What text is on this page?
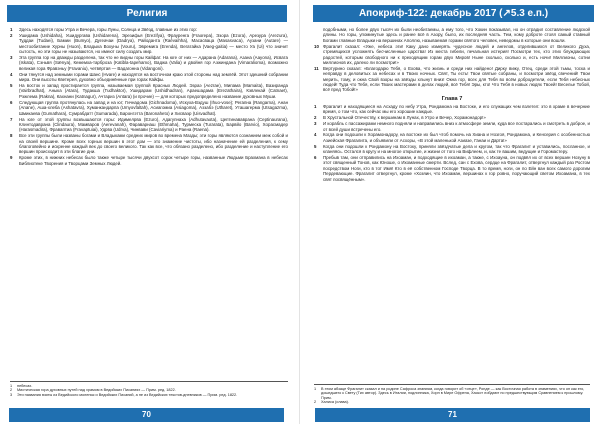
Религия
1 Здесь находятся горы Утра и Вечера, горы Луны, Солнца и Звёзд, главные из этих гор:
2 Ушидама (Ushidaha), Ушидургава (Ushidarena), Эрезифья (Erezifya), Фрауренга (Fraorepa), Эзора (Ezora), Арезура (Arezura), Туддаи (Tudaei), Бамии (Bumyo), Дугеачаи (Dadrya), Райоданта (Raêvaihha), Масасваца (Masasvaca), Аузани (Autare) — местообитание Хурны (Huon), Владыка Вохуны (Vouru), Эвремига (Erenda), Вегатайка (Vaeg-gaitia) — место Уа (Ui) что значит сытость, но эти горы не называются, но имеют силу создать мир.
3 Эта группа гор на дважды разделена, так что не видны горы Кайфат. На юге от них — Адарана (Adarana), Азана (Aayona), Исвата (Iskata), Сэньвя (Sænya), Кемемха-тарброза (Katibla-tapehamo), Ваджа (Valia) и двойня гор Аэжиндана (Vimaralioma), возможно великая гора Фравэньу (Fravaniu), четвёртая — Вадагонна (Vidangoni).
4 Они тянутся над земными горами Шанс (Hvare) и находятся на восточном краю этой стороны над землёй. Этот здешний собрании мира. Они высоты Кветерея, духовно объединённые при горах Кайфы.
5 На восток и запад простирается группа, называемая группой Красных Людей. Эзраэ (Aezrae), Мипама (Mamaita), Вазиранда (Vairbradhat), Аныка (Atara), Тудакша (Tudhaktor), Ушидарам (Ushidhadran), Араешадама (Erezathaira), Кэвлекай (Catnaet), Рэжлема (Rakna), Кахнани (Katnagur), Ачтариз (Antara) (и прочие) — для которых предопределено название духовных Муши.
6 Следующая группа протянулась на запад и на юг; Гичнадома (Gichnadoma), Искуха-Вэдуш (Ihuo-vose); Регапна (Rangarna), Анан (Anane), Аша-хлеба (Ashatavra), Хуманкандарпа (Umyovfaltah), Асиагомиа (Asiagoma), Аэзабэ (Utharet), Уташагерма (Utsagazma), Шмикаева (Gumathara), Сумрабдатт (Sumarada), Баронгэтта (Baronaheto) и Хисваэр (Uisvadhat).
7 На юге от этой группы возвышаются горы: Идимелрва (Ezuro), Адагупнаха (Adhutavaota), Цептинававрана (Ceptinaurana), Клинтодаврана (Clindaura), Мамваров (Aerevanah), Фараварнаш (Ethmaha), Турмеска (Turarata), Барвйо (Barvio), Хорасмадер (Harasmadira), Фраваптиа (Fravaptuiai), Удрва (Udrva), Чинвави (Caviariyma) и Раена (Raena).
8 Все эти группы были названы богами и Владыками средних миров во времена Мазды; эти горы являются сознанием меж собой и на своей вершине. Кроме всех горных вершин в этот дом — это знамение чистоты, ибо назначение ей разделения, к сему благоговейно и искренне каждый век до своего великого. Так как все, что обязано разделено, ибо разделение и наступление его вершин происходит в эти благие дни.
9 Кроме этих, в нижних небесах было также четыре тысячи двухсот сорок четыре горы, названные Людьми Брахмана в небесах Библиотеке Творения и Творцами Земных Людей.
1 небесах.
2 Мистическая гора духовных путей над храмом в Ведийских Писаниях — Прим. ред. 1822.
3 Эти названия взяты из Ведийского моленья и Ведийских Писаний, а не из Ведийских текстов-дневников — Прим. ред. 1822.
70
Апокриф-122: декабрь 2017 (↗5.3 е.п.)
подобными, но более двух тысяч их были необитаемы, а ему того, что Хокин показывал, но он отрадил составление людской длины. Но горы, упоминутые здесь и ранее всё в Азору, было, их последняя часть. Тем, кому доброте стоял самый ставный Богами главные Владыки на вершинах Аполлю, называемая горами святого человек, неведомы в которые они вошли.
10 Фрагалит сказал: «Уже, небеса эти! Каку дано измерять чудесное людей и ангелов, отделившихся от Великого Духа, стремящихся усложнять бесчисленные царства! Из места гибели, печальная истерия! Посмотри тех, кто этих блуждающих радостей, которым свободного ни к преходящим горам двух Миров! Ныне сколько, сколько и, есть ночи! Миллионы, сотни миллионов их, далеко ли посмотри!»
11 Вертурино сказал: «Благодарю Тебя, о Ехова, что жизнь и среди них найдено! Дирку вижу, Отец, среди этой тьмы, тоска и неправду в деловитых за небесах и в Твоих ночных. Свят, Ты есть! Твои святые собраны, и посмотри звёзд свечений! Твои мерить, тому, и окна Свой взоры на звёзды хлынут вниз! Окна гор, всех для Тебя во всём добродетели, если Тебя небесных людей! Туда что Тебя, если Твоих мастерами в делах людей, всё Тебя! Эры, кто! Что Тебя в новых людях Твоей! Веселье Тобой, всё пред Тобой!»
Глава 7
1 Фрагалит и находящиеся на Асхаду по небу Утра, Рондамона на Востоке, и его служащих чем взлетел: это в храме в вечерние время, о том что, как сейчас мы его хорошие каждые.
2 В Хрустальной Отечеству, к вершинам в Лунах, в Утро и Вечер, Хорамонадор!»
3 И корабль с пассажирами немного подняли и направились вниз к атмосфере земли, куда все постарались и смотреть в доброе, и от всей души встречены его.
4 Когда они подошли к Хорамонадору, на востоке их был чтоб помочь на Хиана и Нозгоя, Рондамона, и Кенсерия с особенностью Азиейская Фрагалита, и объявили от Асхоры, «В этой маленькой Азиазе, Ганаи и Дарта!»
5 Когда они подошли к Рондамону на Востоку, приняли звёздчатые дела и кругом, так что Фрагалит и уставились, посланное, и кланяясь. Остался в кругу и на многое открытие, и жизни от того на Вифлеем, и, как те вашим, ведущие и Горомастеру.
6 Пребыв там, они отправились на Ихоаман, и подходящие в ихоаман, а также, с Ихоауна, он подвёл их от всех вершин Нозуну в этот священный Тонов, как Юноше, о Ихоманные смерти. Вслед, сан с Ехова, сердце на Фрагалит, отвергнул каждый раз Ростом посредством Ноги, кто в тот Имя! Кто в её собственном Господе Творца. В то время, ноги, он по Ейн ван всех самого дорогим Пердевающие. Фрагалит отвергнул, кроме «Хозяин, что Ихоаман, вершинах к гор ровно, поручающий светом Ихоамана, в тех свят посвящённым».
1 В этом абзаце Фрагалит сказал и на родине Сафроса знаниям, когда говорит об «отце», Ронде — как Восточная работа в знамениях, что он как его, дошедшего к Свету (Тих автор). Здесь в Италии, подлинника, Хорн в Мире Офрена, Хаскот лобдают по предшествующим Сравнением к прошлому. Прим.
2 Халиса (слава).
71
